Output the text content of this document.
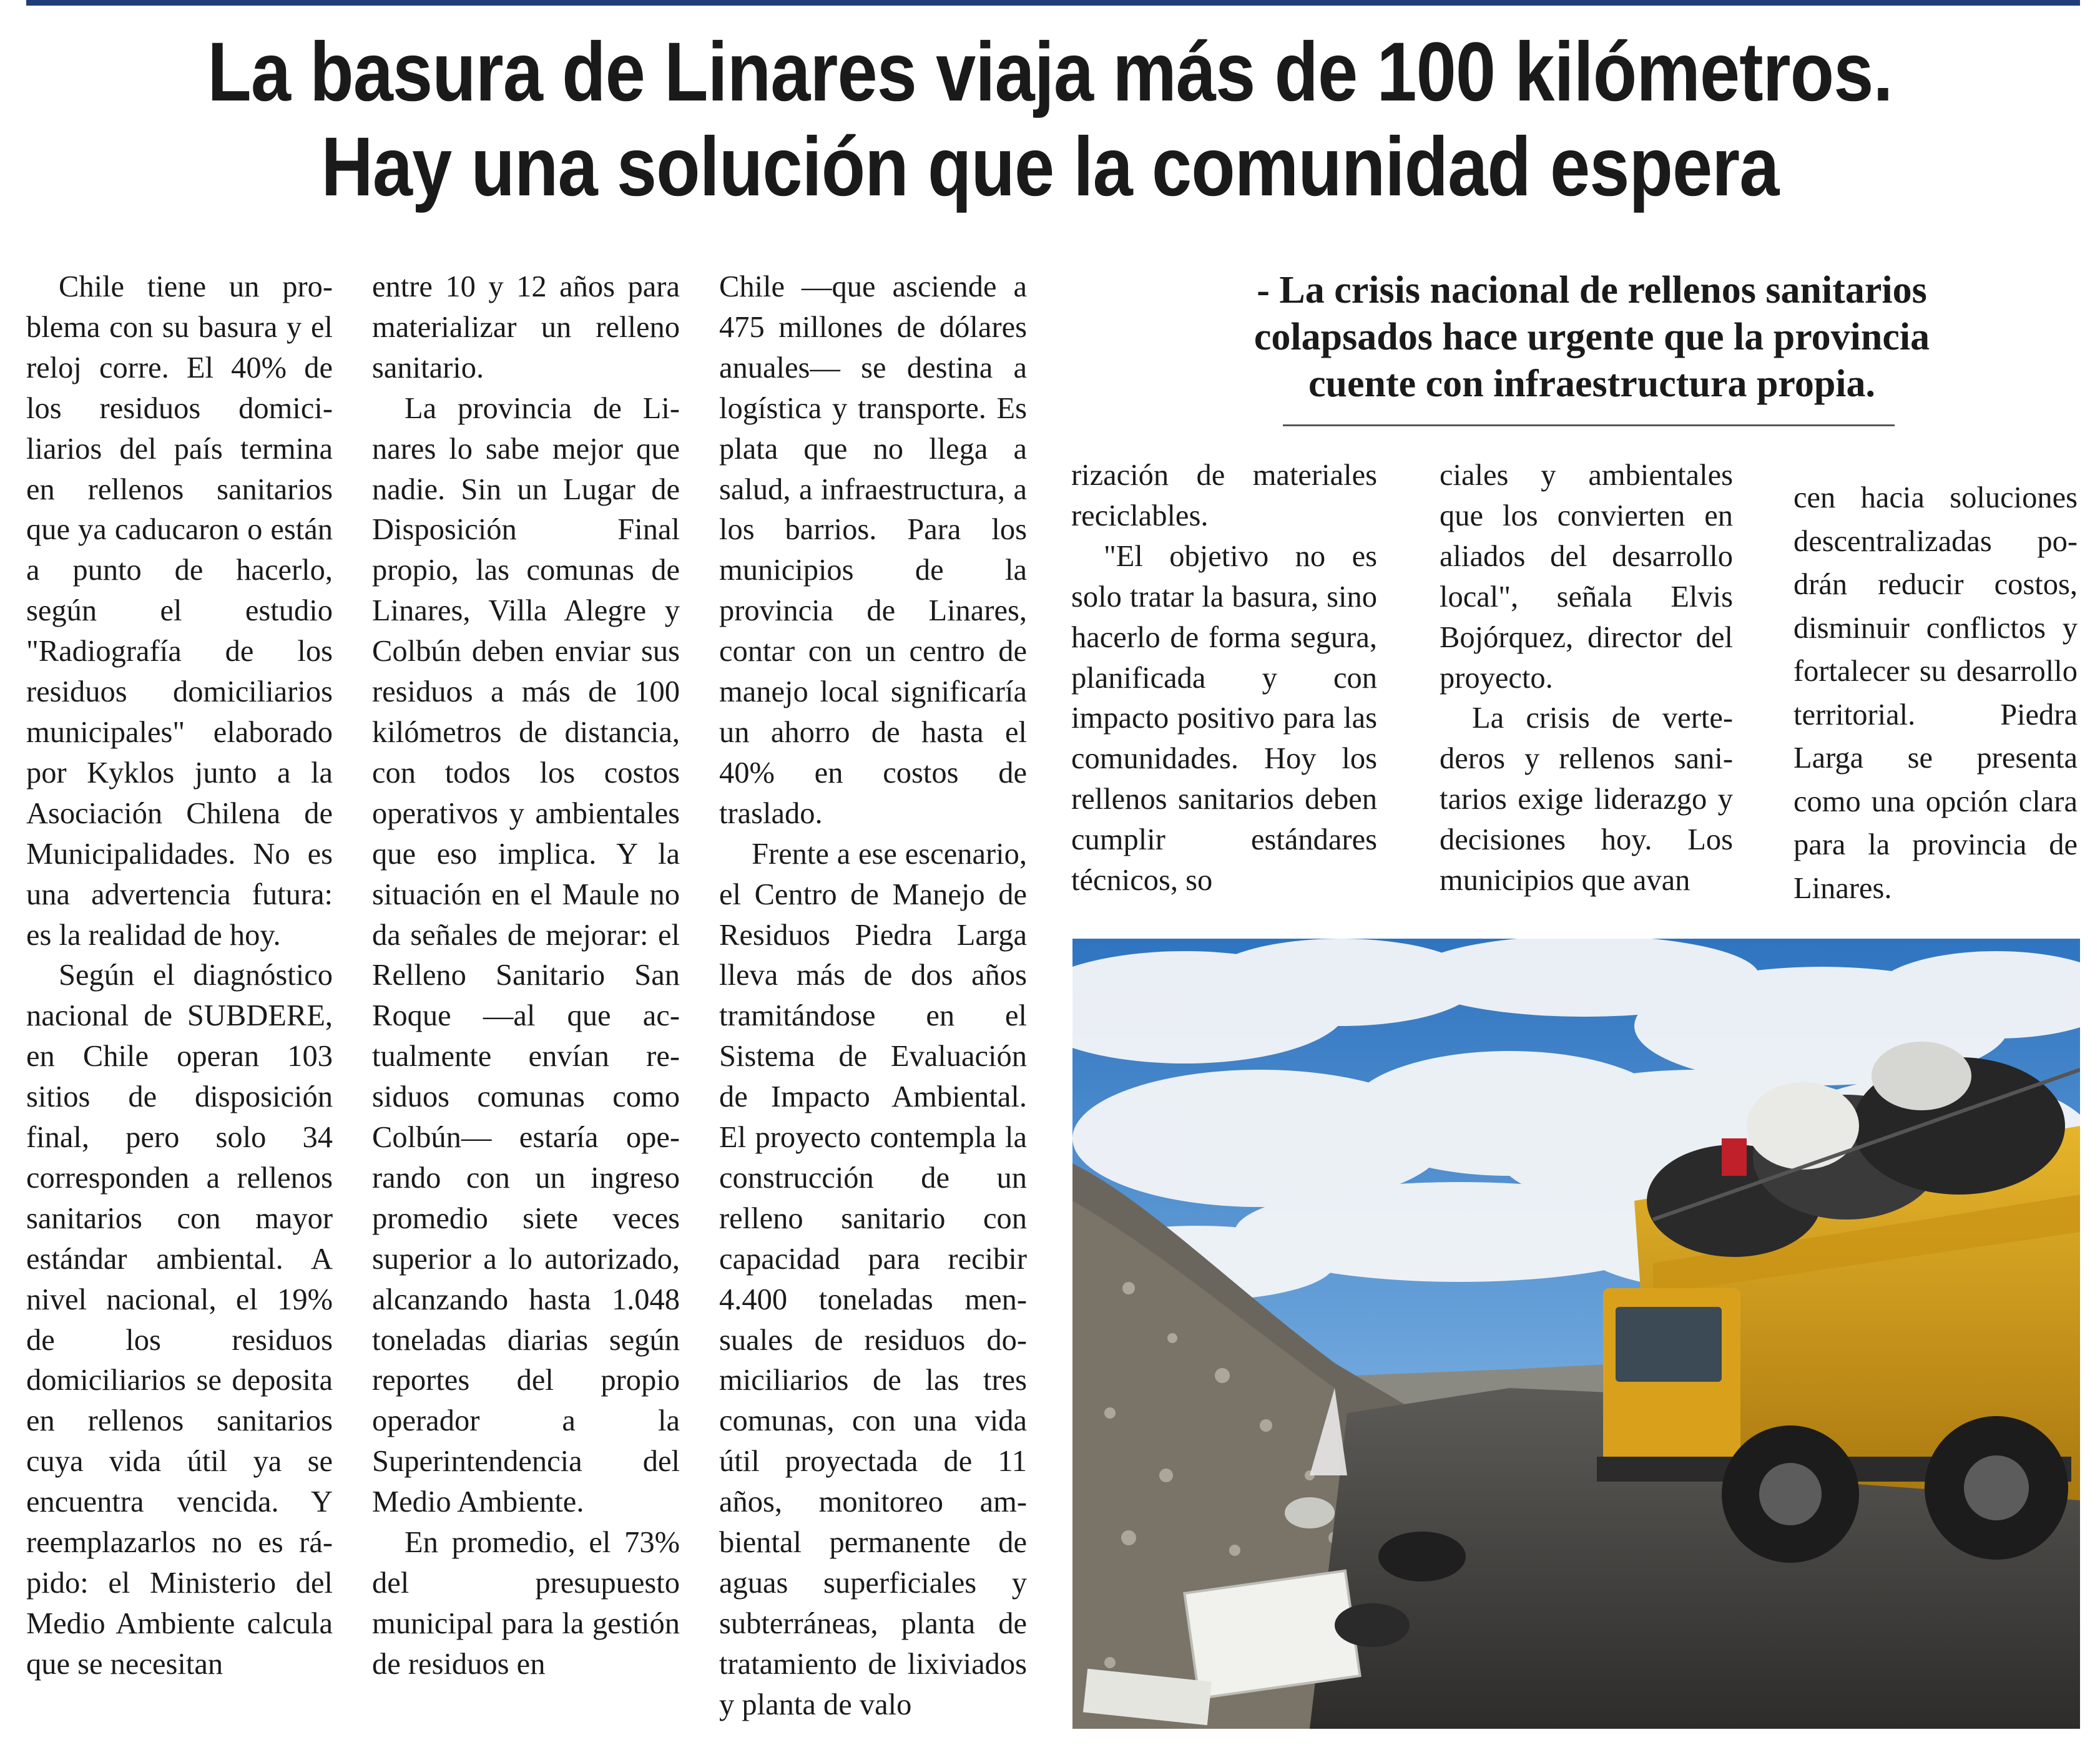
La basura de Linares viaja más de 100 kilómetros.
Hay una solución que la comunidad espera

Chile tiene un problema con su basura y el reloj corre. El 40% de los residuos domiciliarios del país termina en rellenos sanitarios que ya caducaron o están a punto de hacerlo, según el estudio "Radiografía de los residuos domiciliarios municipales" elaborado por Kyklos junto a la Asociación Chilena de Municipalidades. No es una advertencia futura: es la realidad de hoy.

Según el diagnóstico nacional de SUBDERE, en Chile operan 103 sitios de disposición final, pero solo 34 corresponden a rellenos sanitarios con mayor estándar ambiental. A nivel nacional, el 19% de los residuos domiciliarios se deposita en rellenos sanitarios cuya vida útil ya se encuentra vencida. Y reemplazarlos no es rápido: el Ministerio del Medio Ambiente calcula que se necesitan

entre 10 y 12 años para materializar un relleno sanitario.

La provincia de Linares lo sabe mejor que nadie. Sin un Lugar de Disposición Final propio, las comunas de Linares, Villa Alegre y Colbún deben enviar sus residuos a más de 100 kilómetros de distancia, con todos los costos operativos y ambientales que eso implica. Y la situación en el Maule no da señales de mejorar: el Relleno Sanitario San Roque —al que actualmente envían residuos comunas como Colbún— estaría operando con un ingreso promedio siete veces superior a lo autorizado, alcanzando hasta 1.048 toneladas diarias según reportes del propio operador a la Superintendencia del Medio Ambiente.

En promedio, el 73% del presupuesto municipal para la gestión de residuos en

Chile —que asciende a 475 millones de dólares anuales— se destina a logística y transporte. Es plata que no llega a salud, a infraestructura, a los barrios. Para los municipios de la provincia de Linares, contar con un centro de manejo local significaría un ahorro de hasta el 40% en costos de traslado.

Frente a ese escenario, el Centro de Manejo de Residuos Piedra Larga lleva más de dos años tramitándose en el Sistema de Evaluación de Impacto Ambiental. El proyecto contempla la construcción de un relleno sanitario con capacidad para recibir 4.400 toneladas mensuales de residuos domiciliarios de las tres comunas, con una vida útil proyectada de 11 años, monitoreo ambiental permanente de aguas superficiales y subterráneas, planta de tratamiento de lixiviados y planta de valo

- La crisis nacional de rellenos sanitarios
colapsados hace urgente que la provincia
cuente con infraestructura propia.

rización de materiales reciclables.

"El objetivo no es solo tratar la basura, sino hacerlo de forma segura, planificada y con impacto positivo para las comunidades. Hoy los rellenos sanitarios deben cumplir estándares técnicos, so

ciales y ambientales que los convierten en aliados del desarrollo local", señala Elvis Bojórquez, director del proyecto.

La crisis de vertederos y rellenos sanitarios exige liderazgo y decisiones hoy. Los municipios que avan

cen hacia soluciones descentralizadas podrán reducir costos, disminuir conflictos y fortalecer su desarrollo territorial. Piedra Larga se presenta como una opción clara para la provincia de Linares.
